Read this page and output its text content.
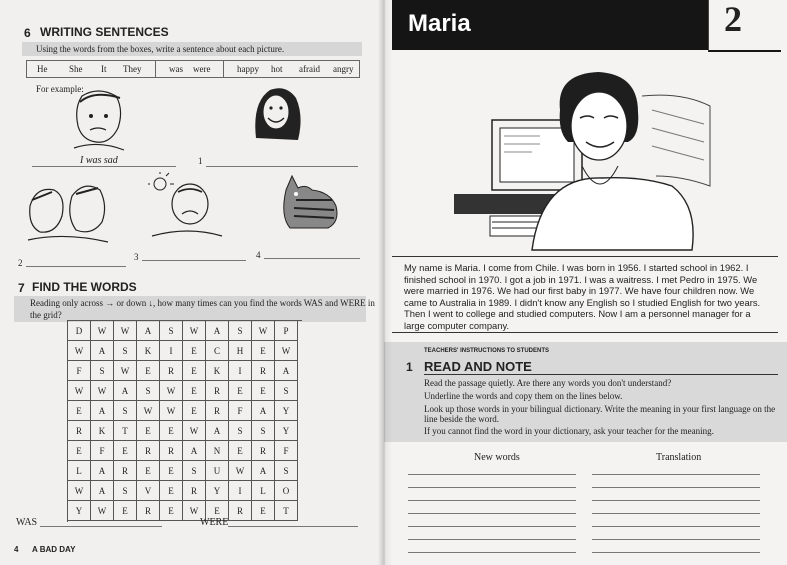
6 WRITING SENTENCES
Using the words from the boxes, write a sentence about each picture.
He She It They	was were	happy hot afraid angry
For example:
I was sad	1
2
3	4
7 FIND THE WORDS
Reading only across → or down ↓, how many times can you find the words WAS and WERE in
the grid?
D	W	W	A	S	W	A	S	W	P
W	A	S	K	I	E	C	H	E	W
F	S	W	E	R	E	K	I	R	A
W	W	A	S	W	E	R	E	E	S
E	A	S	W	W	E	R	F	A	Y
R	K	T	E	E	W	A	S	S	Y
E	F	E	R	R	A	N	E	R	F
L	A	R	E	E	S	U	W	A	S
W	A	S	V	E	R	Y	I	L	O
Y	W	E	R	E	W	E	R	E	T
WAS	WERE
4 A BAD DAY
Maria	2
My name is Maria. I come from Chile. I was born in 1956. I started school in 1962. I
finished school in 1970. I got a job in 1971. I was a waitress. I met Pedro in 1975. We
were married in 1976. We had our first baby in 1977. We have four children now. We
came to Australia in 1989. I didn't know any English so I studied English for two years.
Then I went to college and studied computers. Now I am a personnel manager for a
large computer company.
TEACHERS' INSTRUCTIONS TO STUDENTS
1 READ AND NOTE
Read the passage quietly. Are there any words you don't understand?
Underline the words and copy them on the lines below.
Look up those words in your bilingual dictionary. Write the meaning in your first language on the
line beside the word.
If you cannot find the word in your dictionary, ask your teacher for the meaning.
New words	Translation
